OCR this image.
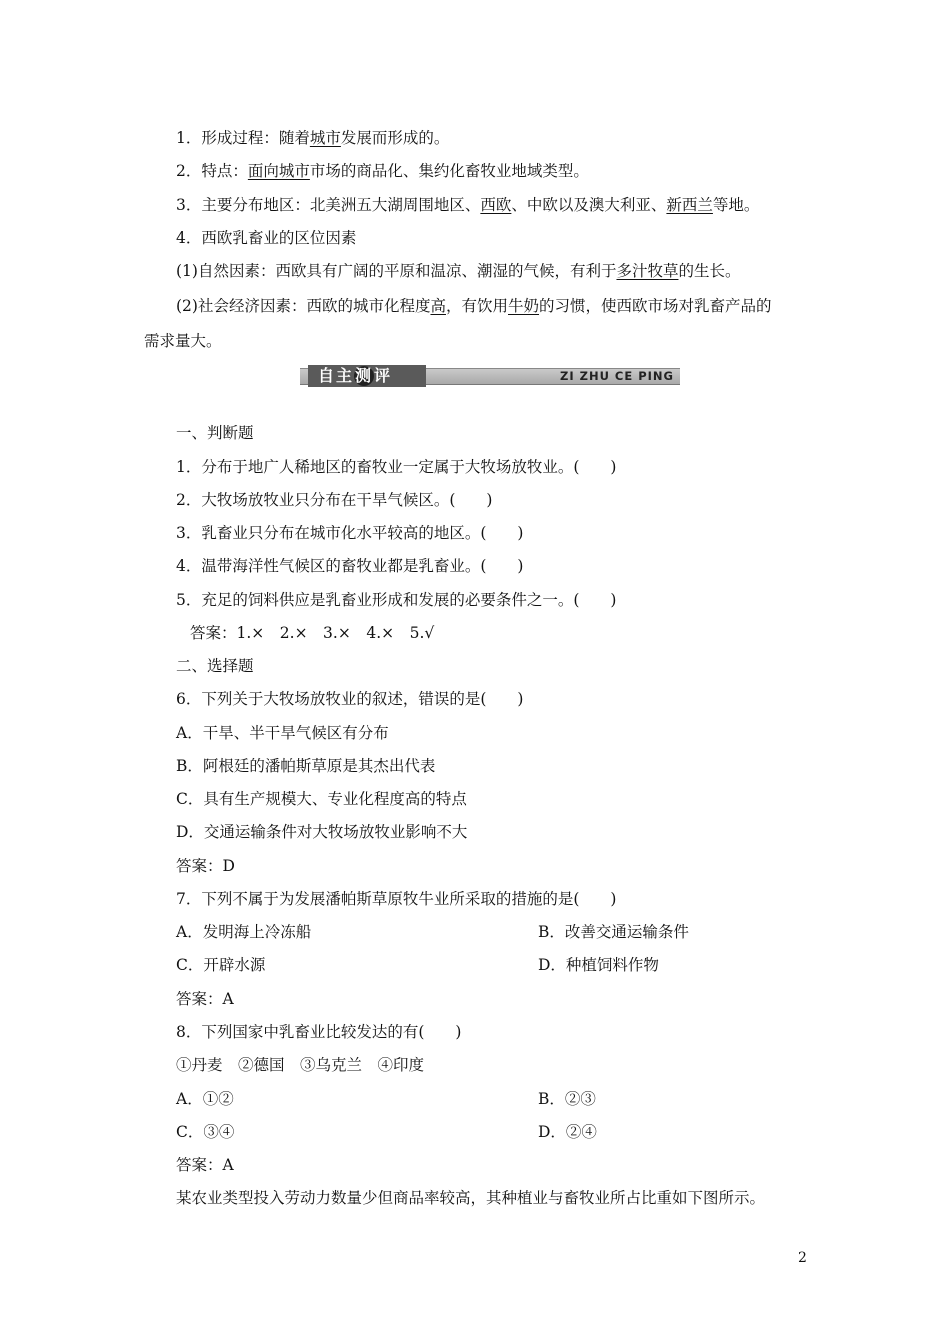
1．形成过程：随着城市发展而形成的。
2．特点：面向城市市场的商品化、集约化畜牧业地域类型。
3．主要分布地区：北美洲五大湖周围地区、西欧、中欧以及澳大利亚、新西兰等地。
4．西欧乳畜业的区位因素
(1)自然因素：西欧具有广阔的平原和温凉、潮湿的气候，有利于多汁牧草的生长。
(2)社会经济因素：西欧的城市化程度高，有饮用牛奶的习惯，使西欧市场对乳畜产品的
需求量大。
自主测评	ZI ZHU CE PING
一、判断题
1．分布于地广人稀地区的畜牧业一定属于大牧场放牧业。(　　)
2．大牧场放牧业只分布在干旱气候区。(　　)
3．乳畜业只分布在城市化水平较高的地区。(　　)
4．温带海洋性气候区的畜牧业都是乳畜业。(　　)
5．充足的饲料供应是乳畜业形成和发展的必要条件之一。(　　)
答案：1.×　2.×　3.×　4.×　5.√
二、选择题
6．下列关于大牧场放牧业的叙述，错误的是(　　)
A．干旱、半干旱气候区有分布
B．阿根廷的潘帕斯草原是其杰出代表
C．具有生产规模大、专业化程度高的特点
D．交通运输条件对大牧场放牧业影响不大
答案：D
7．下列不属于为发展潘帕斯草原牧牛业所采取的措施的是(　　)
A．发明海上冷冻船	B．改善交通运输条件
C．开辟水源	D．种植饲料作物
答案：A
8．下列国家中乳畜业比较发达的有(　　)
①丹麦　②德国　③乌克兰　④印度
A．①②	B．②③
C．③④	D．②④
答案：A
某农业类型投入劳动力数量少但商品率较高，其种植业与畜牧业所占比重如下图所示。
2
